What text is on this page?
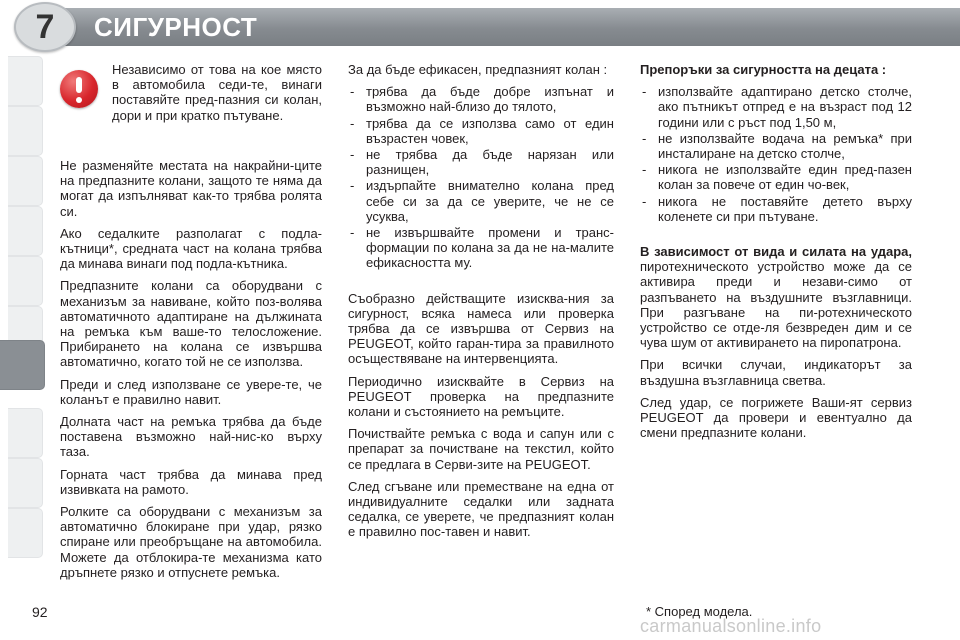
7 СИГУРНОСТ

Независимо от това на кое място в автомобила седи-те, винаги поставяйте пред-пазния си колан, дори и при кратко пътуване.

Не разменяйте местата на накрайни-ците на предпазните колани, защото те няма да могат да изпълняват как-то трябва ролята си.

Ако седалките разполагат с подла-кътници*, средната част на колана трябва да минава винаги под подла-кътника.

Предпазните колани са оборудвани с механизъм за навиване, който поз-волява автоматичното адаптиране на дължината на ремъка към ваше-то телосложение. Прибирането на колана се извършва автоматично, когато той не се използва.

Преди и след използване се увере-те, че коланът е правилно навит.

Долната част на ремъка трябва да бъде поставена възможно най-нис-ко върху таза.

Горната част трябва да минава пред извивката на рамото.

Ролките са оборудвани с механизъм за автоматично блокиране при удар, рязко спиране или преобръщане на автомобила. Можете да отблокира-те механизма като дръпнете рязко и отпуснете ремъка.

За да бъде ефикасен, предпазният колан :

- трябва да бъде добре изпънат и възможно най-близо до тялото,
- трябва да се използва само от един възрастен човек,
- не трябва да бъде нарязан или разнищен,
- издърпайте внимателно колана пред себе си за да се уверите, че не се усуква,
- не извършвайте промени и транс-формации по колана за да не на-малите ефикасността му.

Съобразно действащите изисква-ния за сигурност, всяка намеса или проверка трябва да се извършва от Сервиз на PEUGEOT, който гаран-тира за правилното осъществяване на интервенцията.

Периодично изисквайте в Сервиз на PEUGEOT проверка на предпазните колани и състоянието на ремъците.

Почиствайте ремъка с вода и сапун или с препарат за почистване на текстил, който се предлага в Серви-зите на PEUGEOT.

След сгъване или преместване на една от индивидуалните седалки или задната седалка, се уверете, че предпазният колан е правилно пос-тавен и навит.

Препоръки за сигурността на децата :

- използвайте адаптирано детско столче, ако пътникът отпред е на възраст под 12 години или с ръст под 1,50 м,
- не използвайте водача на ремъка* при инсталиране на детско столче,
- никога не използвайте един пред-пазен колан за повече от един чо-век,
- никога не поставяйте детето върху коленете си при пътуване.

В зависимост от вида и силата на удара, пиротехническото устройство може да се активира преди и незави-симо от разпъването на въздушните възглавници. При разгъване на пи-ротехническото устройство се отде-ля безвреден дим и се чува шум от активирането на пиропатрона.

При всички случаи, индикаторът за въздушна възглавница светва.

След удар, се погрижете Ваши-ят сервиз PEUGEOT да провери и евентуално да смени предпазните колани.

92	* Според модела.
carmanualsonline.info
